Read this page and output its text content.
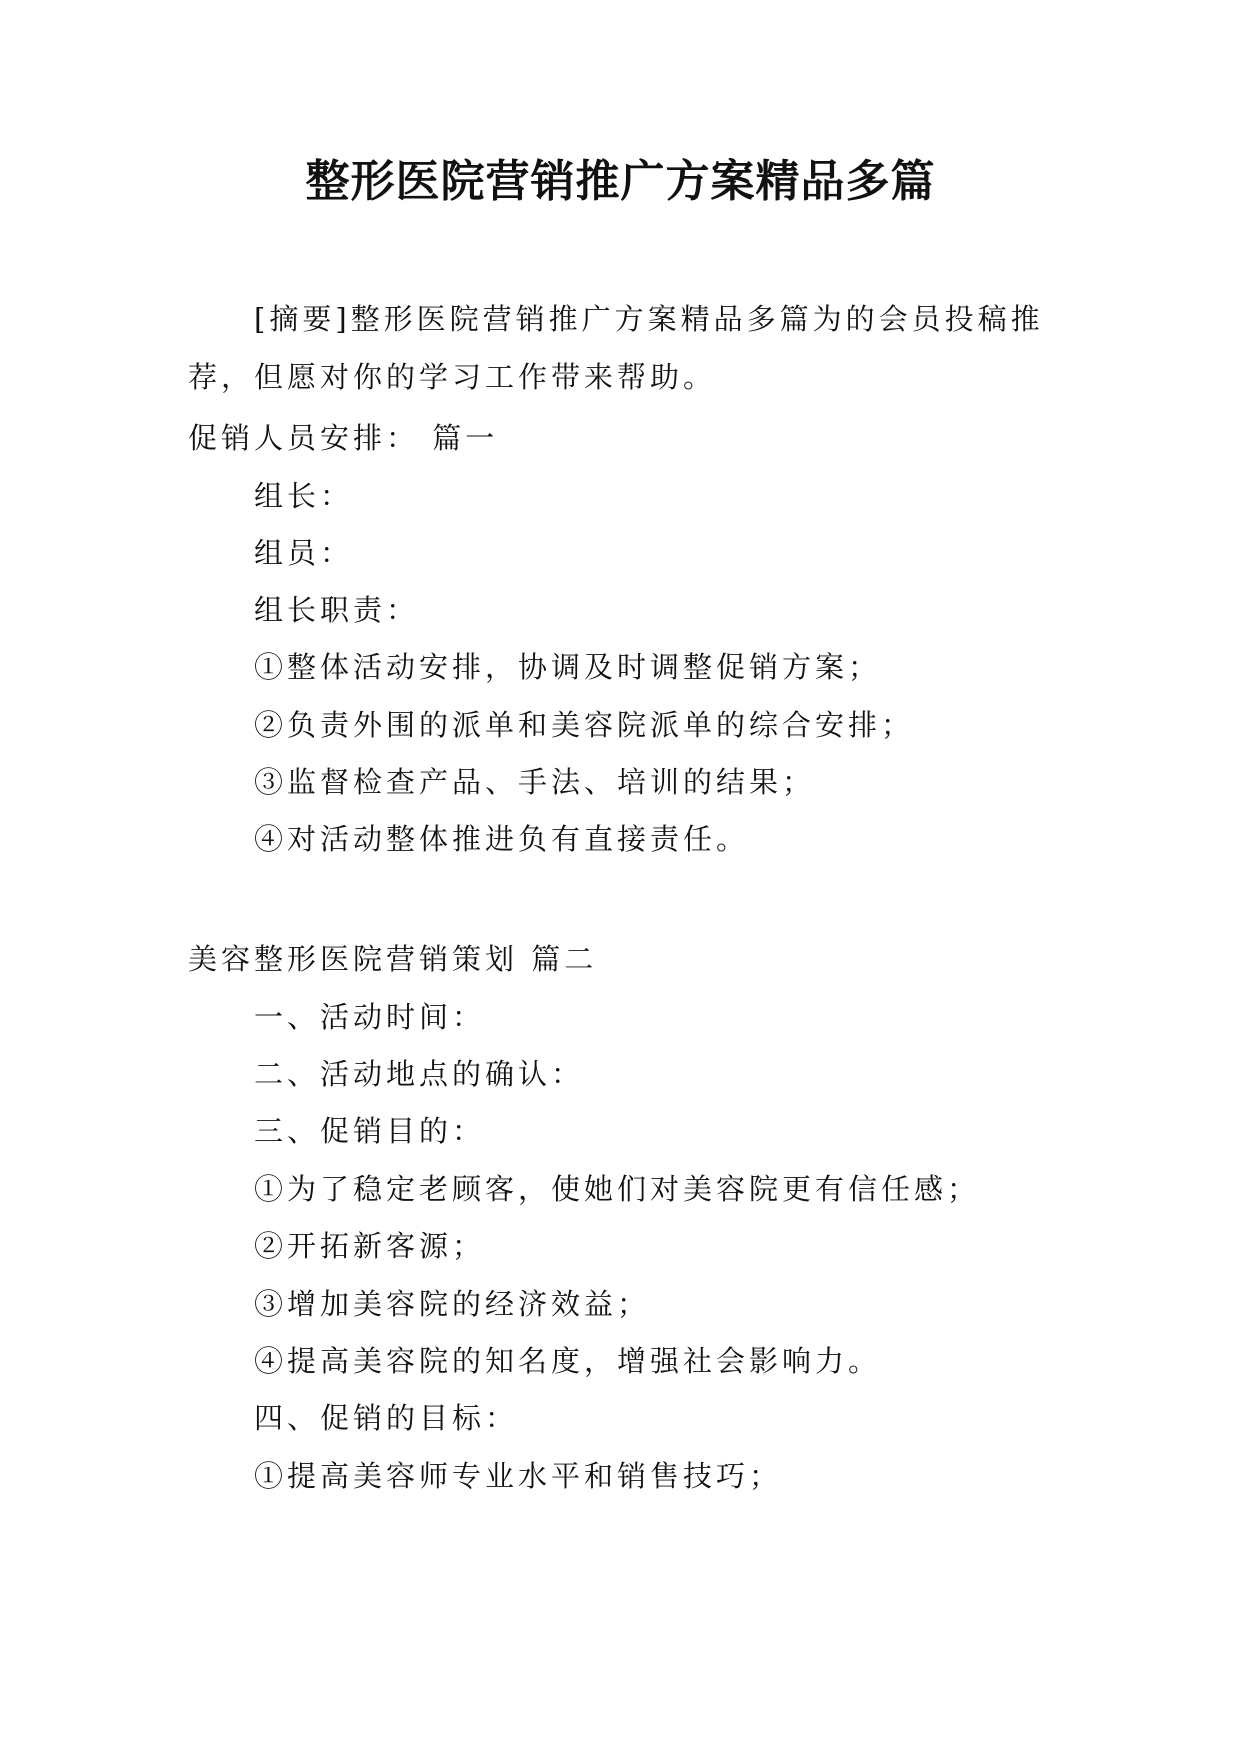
整形医院营销推广方案精品多篇
[摘要]整形医院营销推广方案精品多篇为的会员投稿推荐，但愿对你的学习工作带来帮助。
促销人员安排： 篇一
组长：
组员：
组长职责：
①整体活动安排，协调及时调整促销方案；
②负责外围的派单和美容院派单的综合安排；
③监督检查产品、手法、培训的结果；
④对活动整体推进负有直接责任。
美容整形医院营销策划 篇二
一、活动时间：
二、活动地点的确认：
三、促销目的：
①为了稳定老顾客，使她们对美容院更有信任感；
②开拓新客源；
③增加美容院的经济效益；
④提高美容院的知名度，增强社会影响力。
四、促销的目标：
①提高美容师专业水平和销售技巧；
